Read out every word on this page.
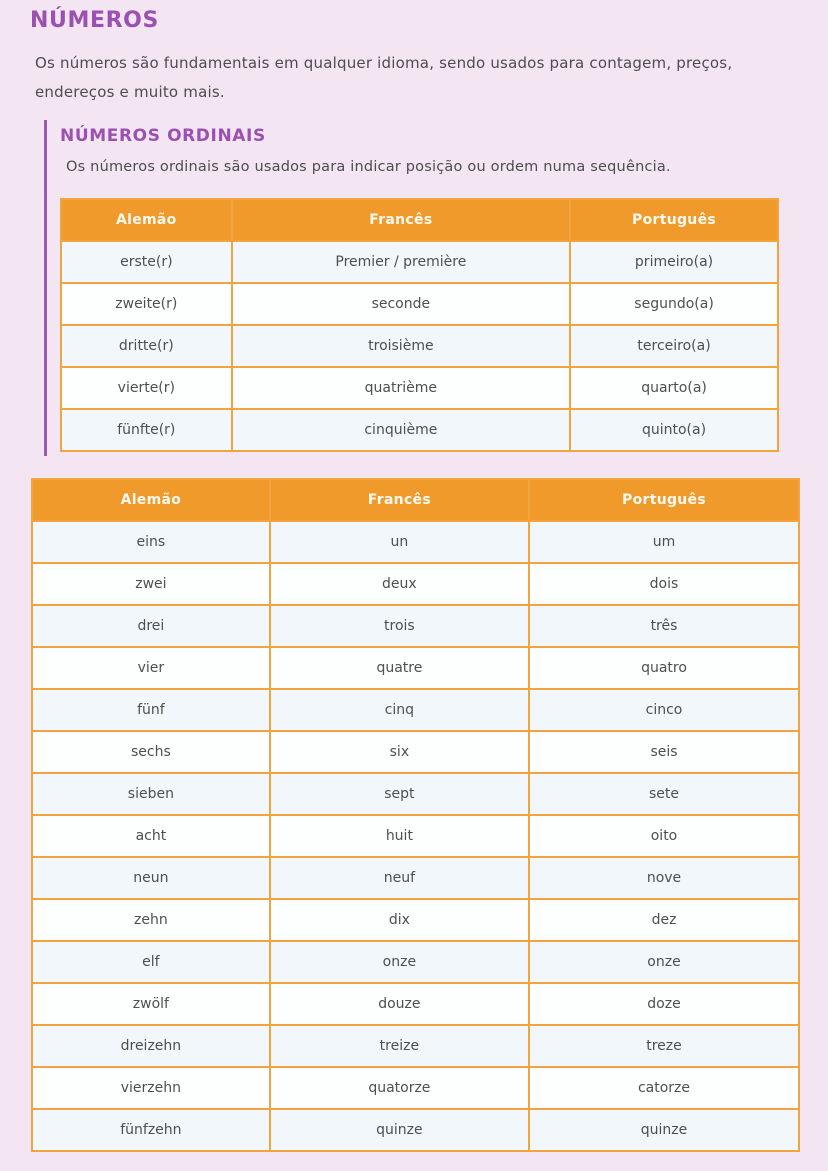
NÚMEROS

Os números são fundamentais em qualquer idioma, sendo usados para contagem, preços, endereços e muito mais.

NÚMEROS ORDINAIS

Os números ordinais são usados para indicar posição ou ordem numa sequência.

Alemão	Francês	Português
erste(r)	Premier / première	primeiro(a)
zweite(r)	seconde	segundo(a)
dritte(r)	troisième	terceiro(a)
vierte(r)	quatrième	quarto(a)
fünfte(r)	cinquième	quinto(a)
Alemão	Francês	Português
eins	un	um
zwei	deux	dois
drei	trois	três
vier	quatre	quatro
fünf	cinq	cinco
sechs	six	seis
sieben	sept	sete
acht	huit	oito
neun	neuf	nove
zehn	dix	dez
elf	onze	onze
zwölf	douze	doze
dreizehn	treize	treze
vierzehn	quatorze	catorze
fünfzehn	quinze	quinze
